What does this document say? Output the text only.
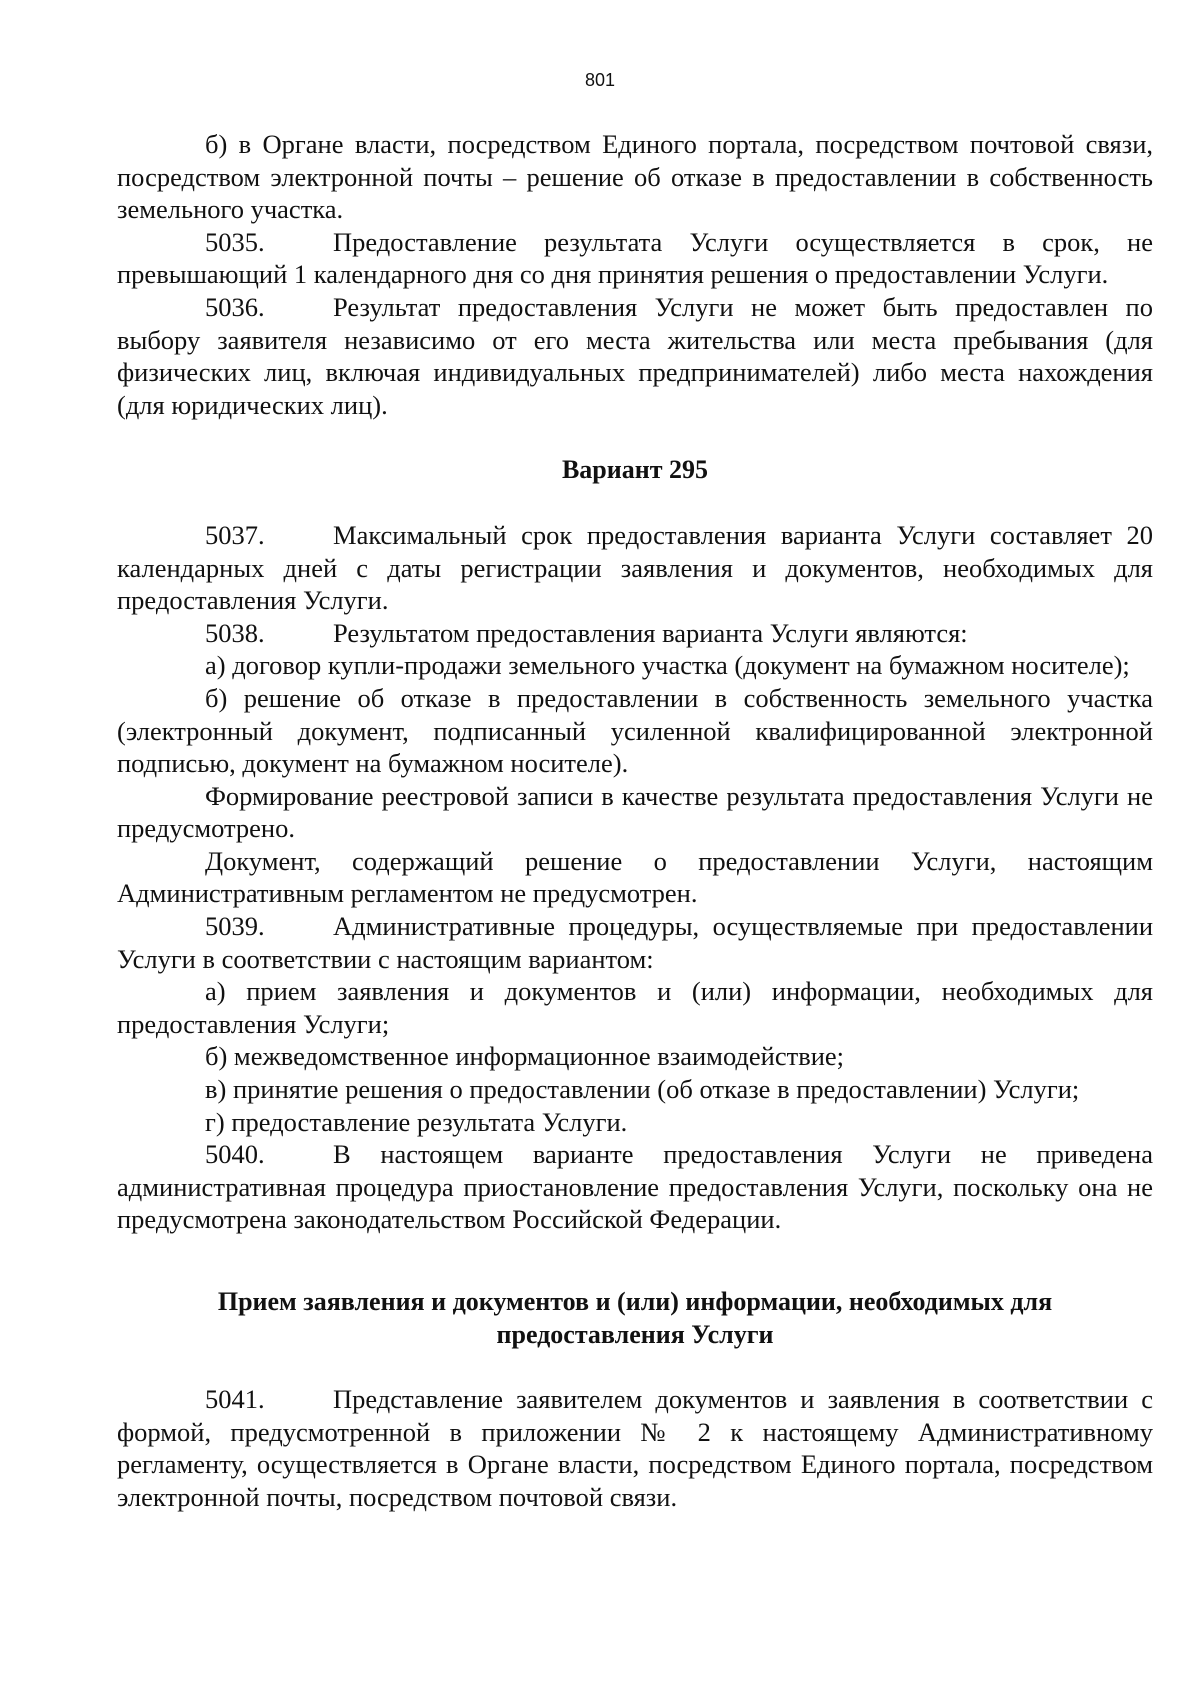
801

б) в Органе власти, посредством Единого портала, посредством почтовой связи, посредством электронной почты – решение об отказе в предоставлении в собственность земельного участка.

5035.	Предоставление результата Услуги осуществляется в срок, не превышающий 1 календарного дня со дня принятия решения о предоставлении Услуги.

5036.	Результат предоставления Услуги не может быть предоставлен по выбору заявителя независимо от его места жительства или места пребывания (для физических лиц, включая индивидуальных предпринимателей) либо места нахождения (для юридических лиц).

Вариант 295

5037.	Максимальный срок предоставления варианта Услуги составляет 20 календарных дней с даты регистрации заявления и документов, необходимых для предоставления Услуги.

5038.	Результатом предоставления варианта Услуги являются:

а) договор купли-продажи земельного участка (документ на бумажном носителе);

б) решение об отказе в предоставлении в собственность земельного участка (электронный документ, подписанный усиленной квалифицированной электронной подписью, документ на бумажном носителе).

Формирование реестровой записи в качестве результата предоставления Услуги не предусмотрено.

Документ, содержащий решение о предоставлении Услуги, настоящим Административным регламентом не предусмотрен.

5039.	Административные процедуры, осуществляемые при предоставлении Услуги в соответствии с настоящим вариантом:

а) прием заявления и документов и (или) информации, необходимых для предоставления Услуги;

б) межведомственное информационное взаимодействие;

в) принятие решения о предоставлении (об отказе в предоставлении) Услуги;

г) предоставление результата Услуги.

5040.	В настоящем варианте предоставления Услуги не приведена административная процедура приостановление предоставления Услуги, поскольку она не предусмотрена законодательством Российской Федерации.

Прием заявления и документов и (или) информации, необходимых для предоставления Услуги

5041.	Представление заявителем документов и заявления в соответствии с формой, предусмотренной в приложении № 2 к настоящему Административному регламенту, осуществляется в Органе власти, посредством Единого портала, посредством электронной почты, посредством почтовой связи.
